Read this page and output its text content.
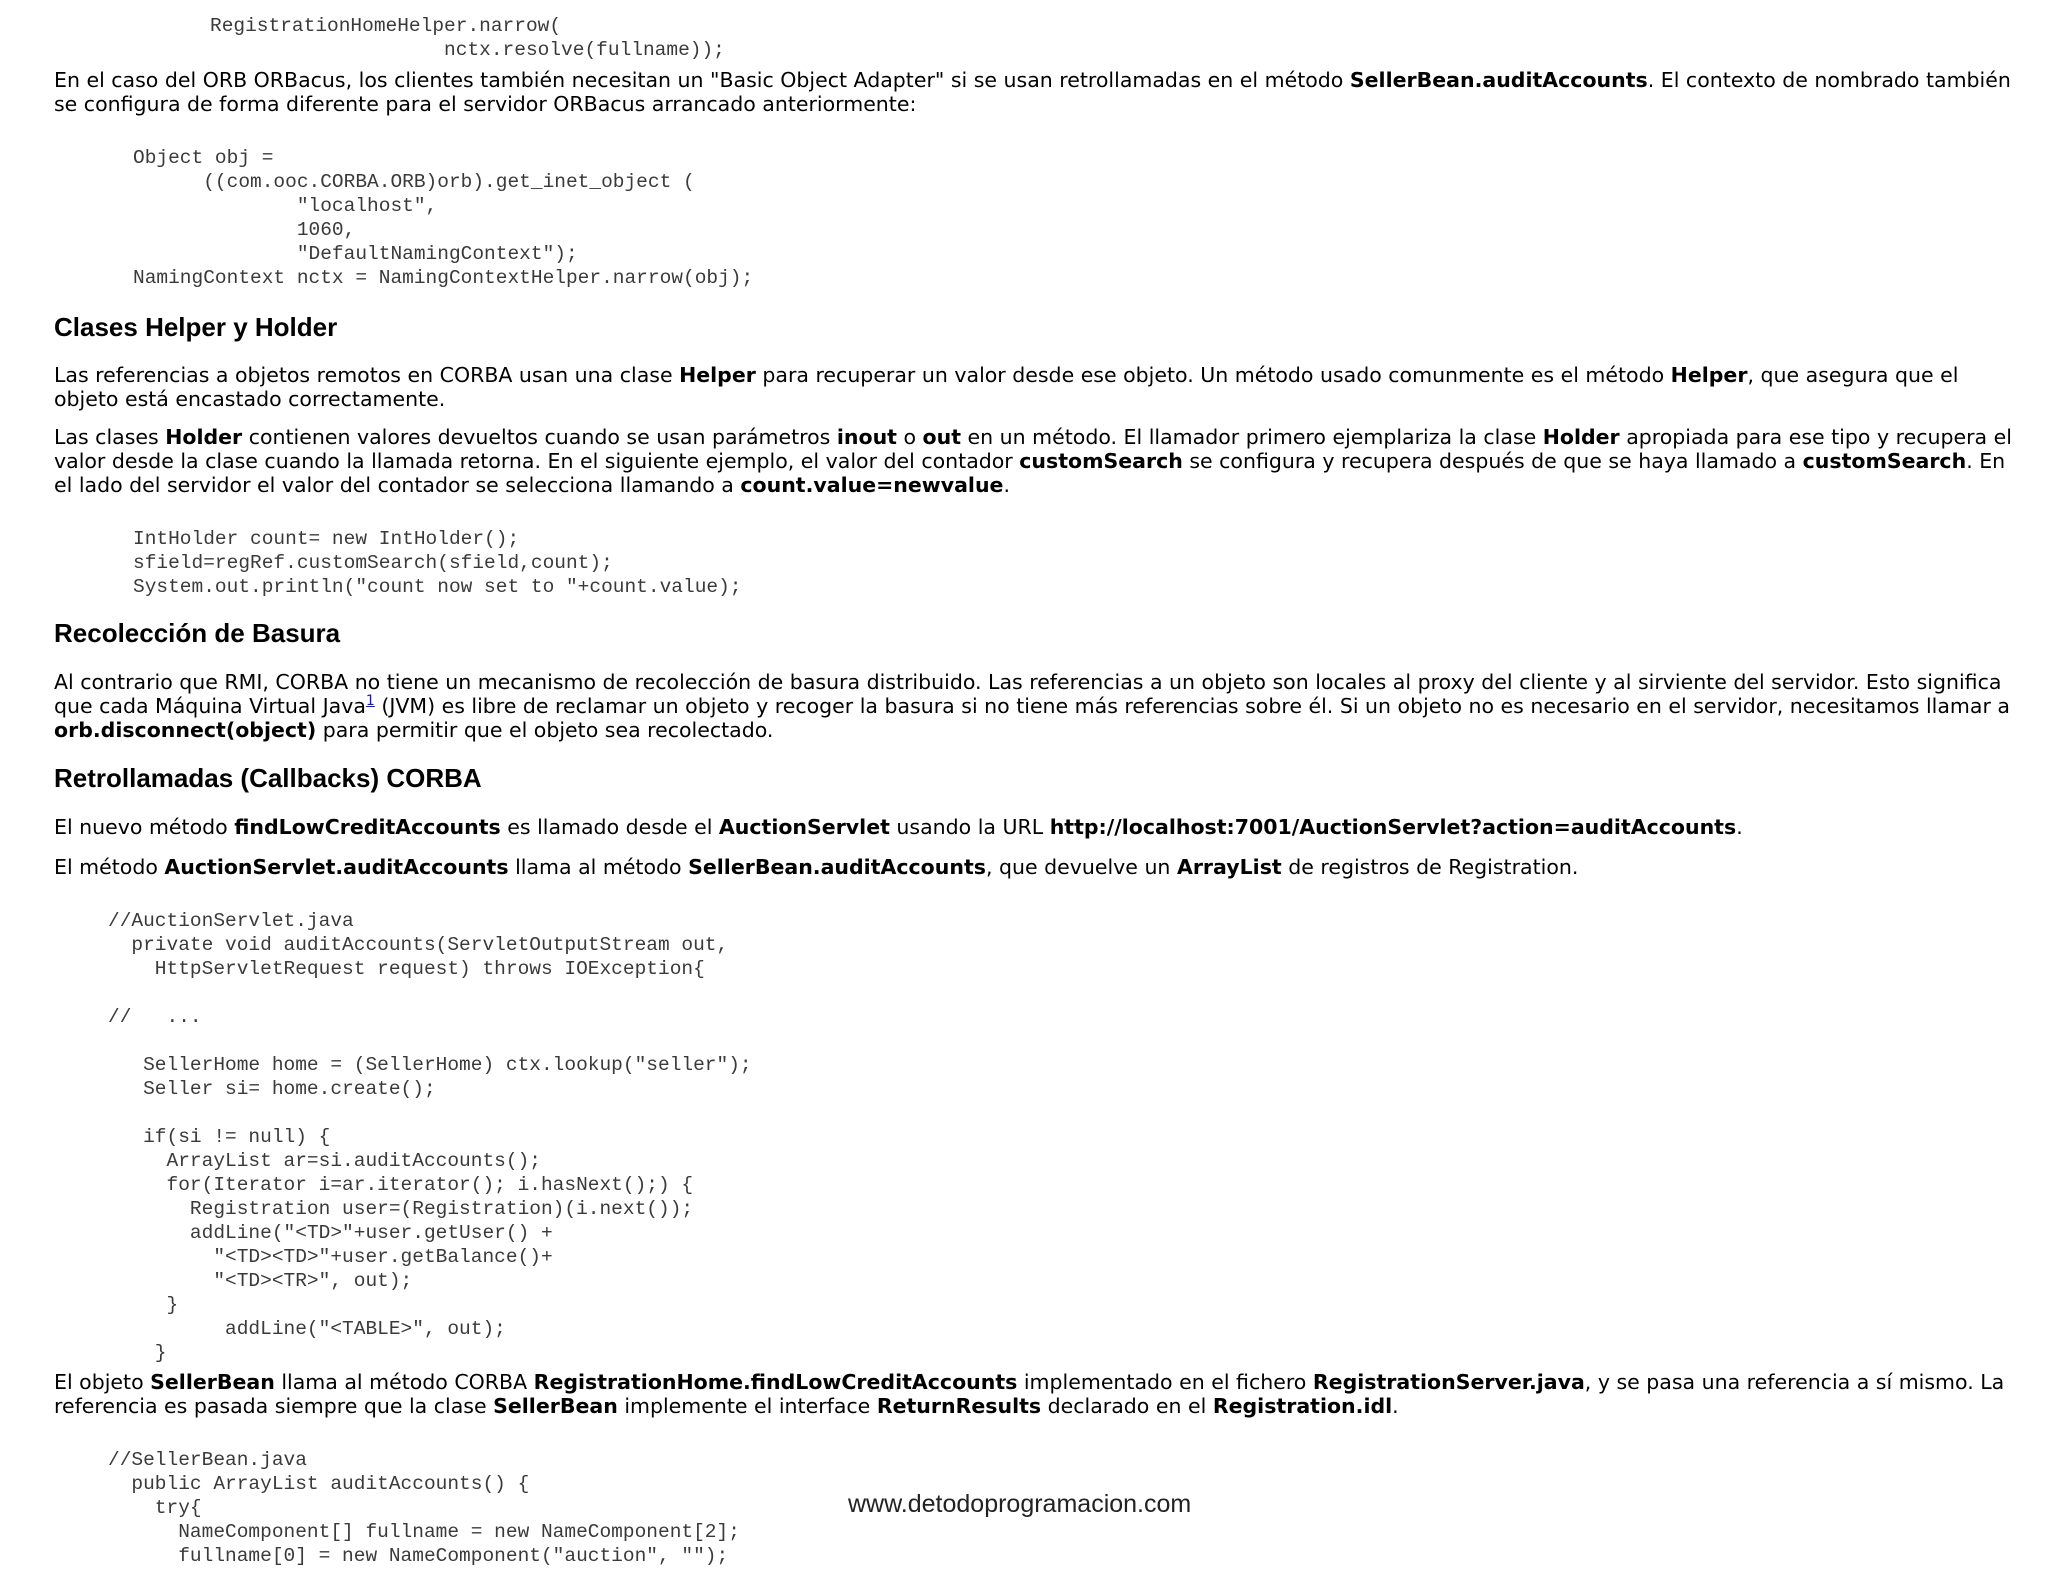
RegistrationHomeHelper.narrow(
nctx.resolve(fullname));

En el caso del ORB ORBacus, los clientes también necesitan un "Basic Object Adapter" si se usan retrollamadas en el método SellerBean.auditAccounts. El contexto de nombrado también se configura de forma diferente para el servidor ORBacus arrancado anteriormente:

Object obj =
((com.ooc.CORBA.ORB)orb).get_inet_object (
"localhost",
1060,
"DefaultNamingContext");
NamingContext nctx = NamingContextHelper.narrow(obj);
Clases Helper y Holder

Las referencias a objetos remotos en CORBA usan una clase Helper para recuperar un valor desde ese objeto. Un método usado comunmente es el método Helper, que asegura que el objeto está encastado correctamente.

Las clases Holder contienen valores devueltos cuando se usan parámetros inout o out en un método. El llamador primero ejemplariza la clase Holder apropiada para ese tipo y recupera el valor desde la clase cuando la llamada retorna. En el siguiente ejemplo, el valor del contador customSearch se configura y recupera después de que se haya llamado a customSearch. En el lado del servidor el valor del contador se selecciona llamando a count.value=newvalue.

IntHolder count= new IntHolder();
sfield=regRef.customSearch(sfield,count);
System.out.println("count now set to "+count.value);
Recolección de Basura

Al contrario que RMI, CORBA no tiene un mecanismo de recolección de basura distribuido. Las referencias a un objeto son locales al proxy del cliente y al sirviente del servidor. Esto significa que cada Máquina Virtual Java$^1$ (JVM) es libre de reclamar un objeto y recoger la basura si no tiene más referencias sobre él. Si un objeto no es necesario en el servidor, necesitamos llamar a orb.disconnect(object) para permitir que el objeto sea recolectado.

Retrollamadas (Callbacks) CORBA

El nuevo método findLowCreditAccounts es llamado desde el AuctionServlet usando la URL http://localhost:7001/AuctionServlet?action=auditAccounts.

El método AuctionServlet.auditAccounts llama al método SellerBean.auditAccounts, que devuelve un ArrayList de registros de Registration.

//AuctionServlet.java
private void auditAccounts(ServletOutputStream out,
HttpServletRequest request) throws IOException{

//   ...

SellerHome home = (SellerHome) ctx.lookup("seller");
Seller si= home.create();

if(si != null) {
ArrayList ar=si.auditAccounts();
for(Iterator i=ar.iterator(); i.hasNext();) {
Registration user=(Registration)(i.next());
addLine("<TD>"+user.getUser() +
"<TD><TD>"+user.getBalance()+
"<TD><TR>", out);
}
addLine("<TABLE>", out);
}

El objeto SellerBean llama al método CORBA RegistrationHome.findLowCreditAccounts implementado en el fichero RegistrationServer.java, y se pasa una referencia a sí mismo. La referencia es pasada siempre que la clase SellerBean implemente el interface ReturnResults declarado en el Registration.idl.

//SellerBean.java
public ArrayList auditAccounts() {
try{
NameComponent[] fullname = new NameComponent[2];
fullname[0] = new NameComponent("auction", "");

www.detodoprogramacion.com
